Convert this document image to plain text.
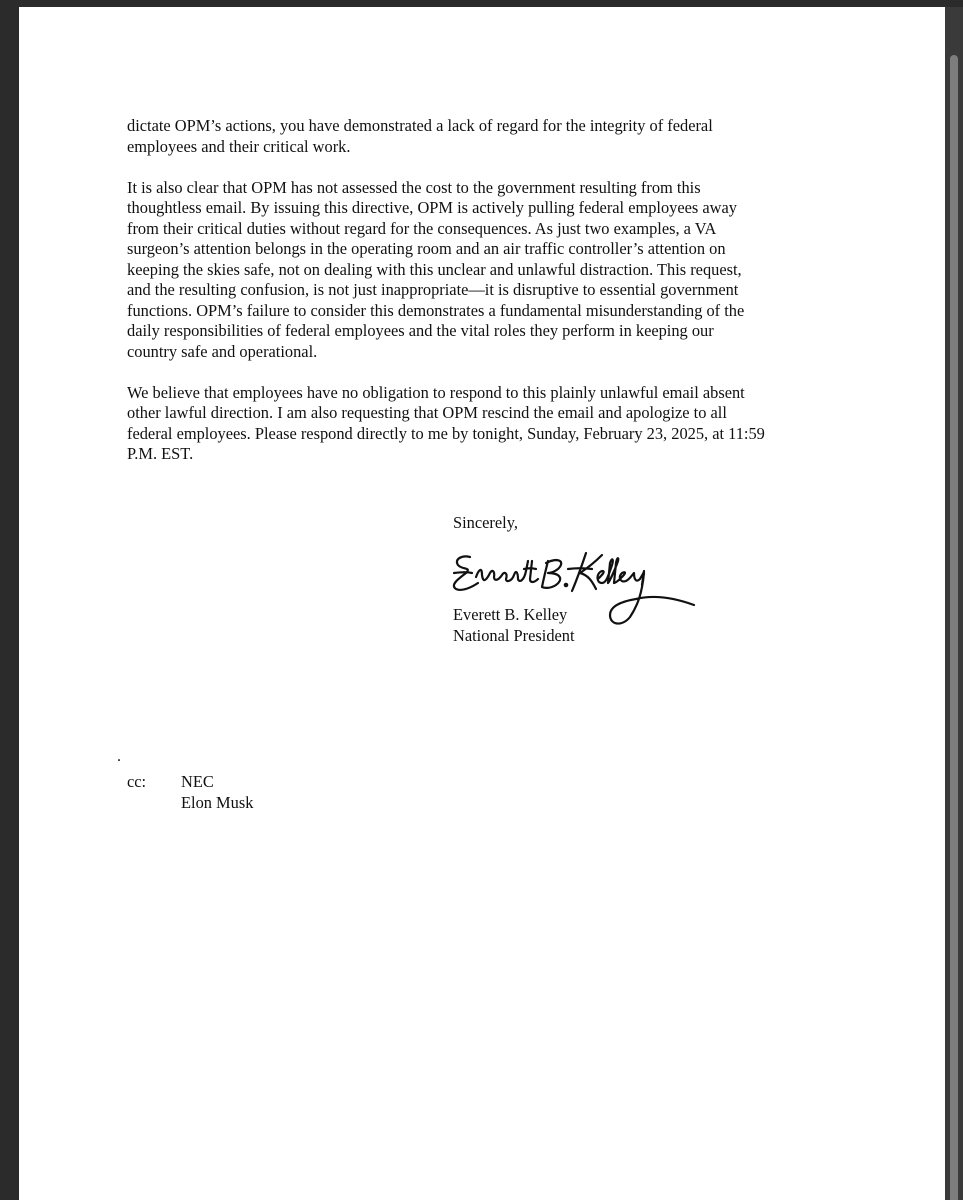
dictate OPM’s actions, you have demonstrated a lack of regard for the integrity of federal
employees and their critical work.

It is also clear that OPM has not assessed the cost to the government resulting from this
thoughtless email. By issuing this directive, OPM is actively pulling federal employees away
from their critical duties without regard for the consequences. As just two examples, a VA
surgeon’s attention belongs in the operating room and an air traffic controller’s attention on
keeping the skies safe, not on dealing with this unclear and unlawful distraction. This request,
and the resulting confusion, is not just inappropriate—it is disruptive to essential government
functions. OPM’s failure to consider this demonstrates a fundamental misunderstanding of the
daily responsibilities of federal employees and the vital roles they perform in keeping our
country safe and operational.

We believe that employees have no obligation to respond to this plainly unlawful email absent
other lawful direction. I am also requesting that OPM rescind the email and apologize to all
federal employees. Please respond directly to me by tonight, Sunday, February 23, 2025, at 11:59
P.M. EST.

Sincerely,
Everett B. Kelley
National President
.
cc: NEC
Elon Musk
